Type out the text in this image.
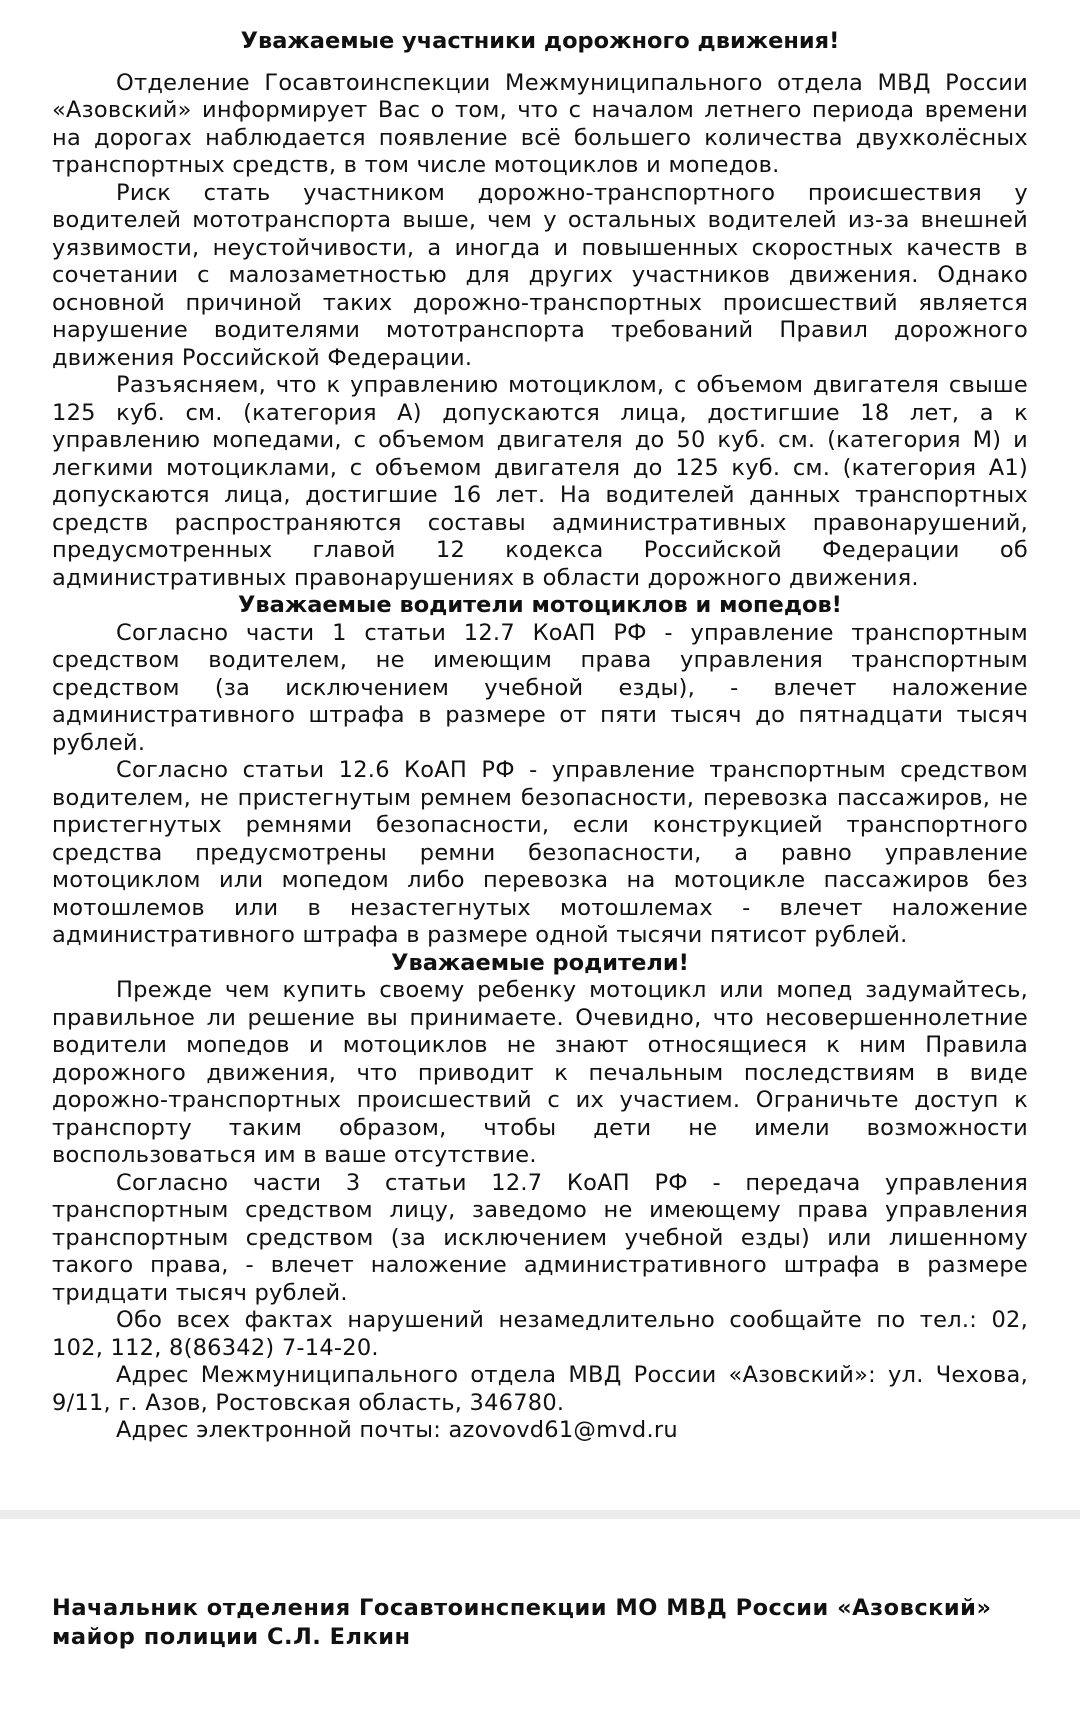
Уважаемые участники дорожного движения!

Отделение Госавтоинспекции Межмуниципального отдела МВД России «Азовский» информирует Вас о том, что с началом летнего периода времени на дорогах наблюдается появление всё большего количества двухколёсных транспортных средств, в том числе мотоциклов и мопедов.

Риск стать участником дорожно-транспортного происшествия у водителей мототранспорта выше, чем у остальных водителей из-за внешней уязвимости, неустойчивости, а иногда и повышенных скоростных качеств в сочетании с малозаметностью для других участников движения. Однако основной причиной таких дорожно-транспортных происшествий является нарушение водителями мототранспорта требований Правил дорожного движения Российской Федерации.

Разъясняем, что к управлению мотоциклом, с объемом двигателя свыше 125 куб. см. (категория А) допускаются лица, достигшие 18 лет, а к управлению мопедами, с объемом двигателя до 50 куб. см. (категория М) и легкими мотоциклами, с объемом двигателя до 125 куб. см. (категория А1) допускаются лица, достигшие 16 лет. На водителей данных транспортных средств распространяются составы административных правонарушений, предусмотренных главой 12 кодекса Российской Федерации об административных правонарушениях в области дорожного движения.

Уважаемые водители мотоциклов и мопедов!

Согласно части 1 статьи 12.7 КоАП РФ - управление транспортным средством водителем, не имеющим права управления транспортным средством (за исключением учебной езды), - влечет наложение административного штрафа в размере от пяти тысяч до пятнадцати тысяч рублей.

Согласно статьи 12.6 КоАП РФ - управление транспортным средством водителем, не пристегнутым ремнем безопасности, перевозка пассажиров, не пристегнутых ремнями безопасности, если конструкцией транспортного средства предусмотрены ремни безопасности, а равно управление мотоциклом или мопедом либо перевозка на мотоцикле пассажиров без мотошлемов или в незастегнутых мотошлемах - влечет наложение административного штрафа в размере одной тысячи пятисот рублей.

Уважаемые родители!

Прежде чем купить своему ребенку мотоцикл или мопед задумайтесь, правильное ли решение вы принимаете. Очевидно, что несовершеннолетние водители мопедов и мотоциклов не знают относящиеся к ним Правила дорожного движения, что приводит к печальным последствиям в виде дорожно-транспортных происшествий с их участием. Ограничьте доступ к транспорту таким образом, чтобы дети не имели возможности воспользоваться им в ваше отсутствие.

Согласно части 3 статьи 12.7 КоАП РФ - передача управления транспортным средством лицу, заведомо не имеющему права управления транспортным средством (за исключением учебной езды) или лишенному такого права, - влечет наложение административного штрафа в размере тридцати тысяч рублей.

Обо всех фактах нарушений незамедлительно сообщайте по тел.: 02, 102, 112, 8(86342) 7-14-20.

Адрес Межмуниципального отдела МВД России «Азовский»: ул. Чехова, 9/11, г. Азов, Ростовская область, 346780.

Адрес электронной почты: azovovd61@mvd.ru

Начальник отделения Госавтоинспекции МО МВД России «Азовский»
майор полиции С.Л. Елкин
